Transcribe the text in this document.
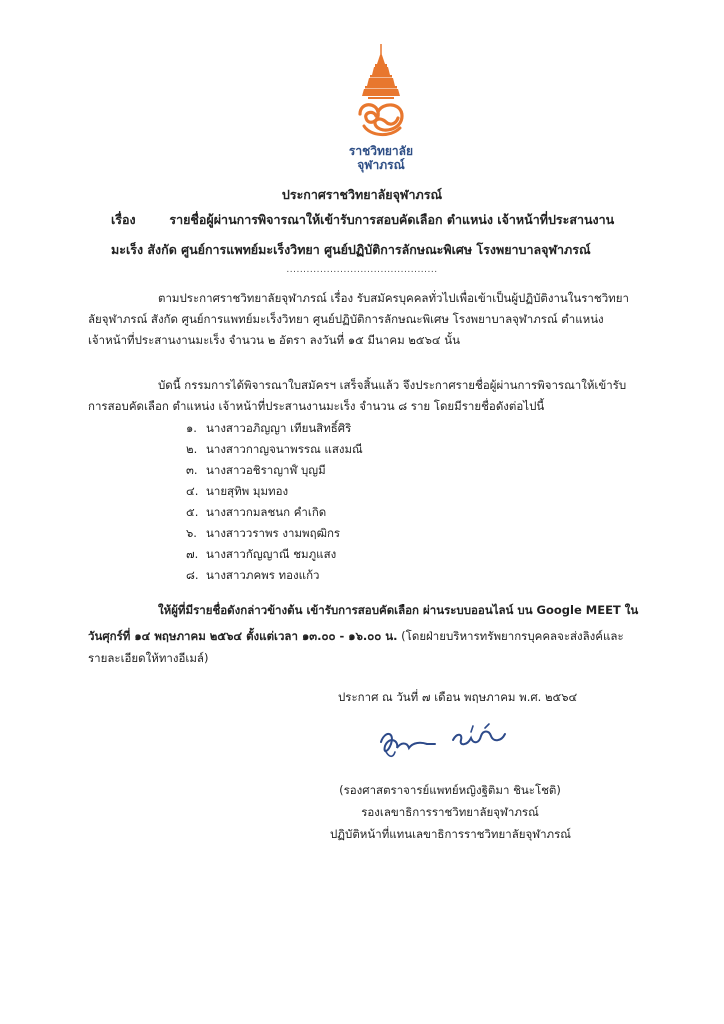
ราชวิทยาลัย
จุฬาภรณ์
ประกาศราชวิทยาลัยจุฬาภรณ์
เรื่อง	รายชื่อผู้ผ่านการพิจารณาให้เข้ารับการสอบคัดเลือก ตำแหน่ง เจ้าหน้าที่ประสานงาน
มะเร็ง สังกัด ศูนย์การแพทย์มะเร็งวิทยา ศูนย์ปฏิบัติการลักษณะพิเศษ โรงพยาบาลจุฬาภรณ์
.............................................
ตามประกาศราชวิทยาลัยจุฬาภรณ์ เรื่อง รับสมัครบุคคลทั่วไปเพื่อเข้าเป็นผู้ปฏิบัติงานในราชวิทยา
ลัยจุฬาภรณ์ สังกัด ศูนย์การแพทย์มะเร็งวิทยา ศูนย์ปฏิบัติการลักษณะพิเศษ โรงพยาบาลจุฬาภรณ์ ตำแหน่ง
เจ้าหน้าที่ประสานงานมะเร็ง จำนวน ๒ อัตรา ลงวันที่ ๑๕ มีนาคม ๒๕๖๔ นั้น
บัดนี้ กรรมการได้พิจารณาใบสมัครฯ เสร็จสิ้นแล้ว จึงประกาศรายชื่อผู้ผ่านการพิจารณาให้เข้ารับ
การสอบคัดเลือก ตำแหน่ง เจ้าหน้าที่ประสานงานมะเร็ง จำนวน ๘ ราย โดยมีรายชื่อดังต่อไปนี้
๑. นางสาวอภิญญา เทียนสิทธิ์ศิริ
๒. นางสาวกาญจนาพรรณ แสงมณี
๓. นางสาวอชิราญาฬ์ บุญมี
๔. นายสุทิพ มุมทอง
๕. นางสาวกมลชนก คำเกิด
๖. นางสาววราพร งามพฤฒิกร
๗. นางสาวกัญญาณี ชมภูแสง
๘. นางสาวภคพร ทองแก้ว
ให้ผู้ที่มีรายชื่อดังกล่าวข้างต้น เข้ารับการสอบคัดเลือก ผ่านระบบออนไลน์ บน Google MEET ใน
วันศุกร์ที่ ๑๔ พฤษภาคม ๒๕๖๔ ตั้งแต่เวลา ๑๓.๐๐ - ๑๖.๐๐ น. (โดยฝ่ายบริหารทรัพยากรบุคคลจะส่งลิงค์และ
รายละเอียดให้ทางอีเมล์)
ประกาศ ณ วันที่ ๗ เดือน พฤษภาคม พ.ศ. ๒๕๖๔
(รองศาสตราจารย์แพทย์หญิงฐิติมา ชินะโชติ)
รองเลขาธิการราชวิทยาลัยจุฬาภรณ์
ปฏิบัติหน้าที่แทนเลขาธิการราชวิทยาลัยจุฬาภรณ์
